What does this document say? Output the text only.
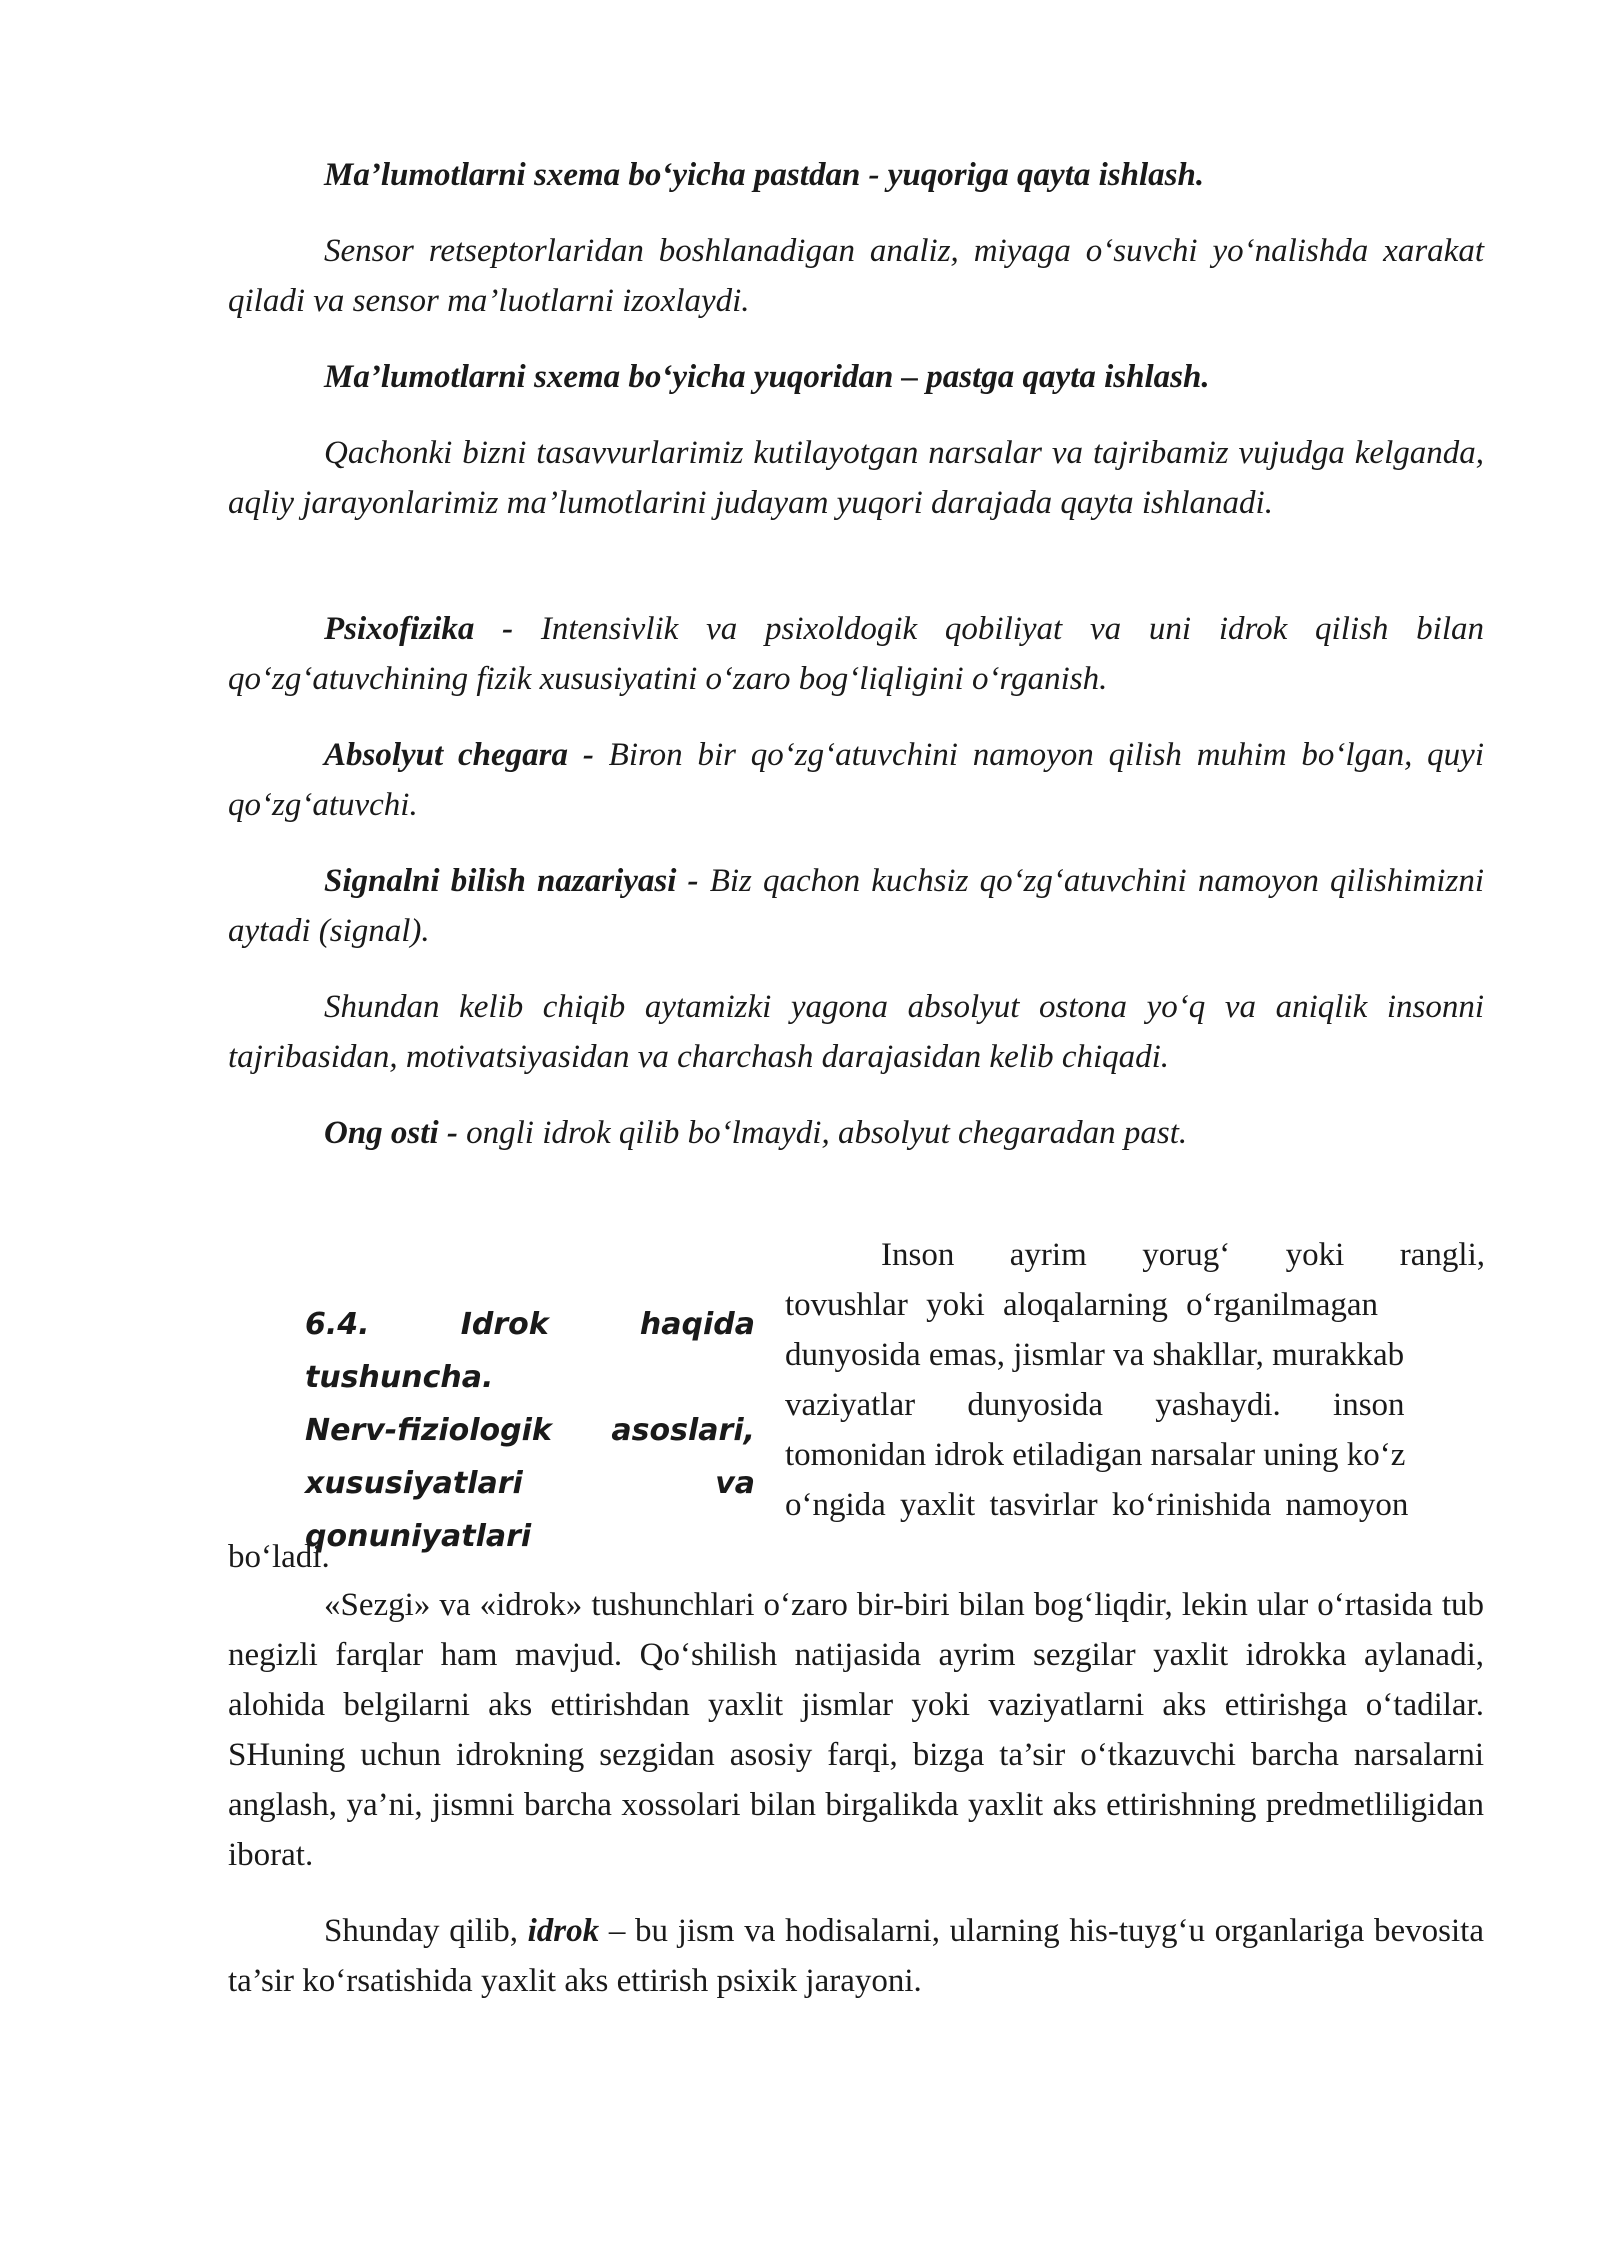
Ma’lumotlarni sxema bo‘yicha pastdan - yuqoriga qayta ishlash.

Sensor retseptorlaridan boshlanadigan analiz, miyaga o‘suvchi yo‘nalishda xarakat qiladi va sensor ma’luotlarni izoxlaydi.

Ma’lumotlarni sxema bo‘yicha yuqoridan – pastga qayta ishlash.

Qachonki bizni tasavvurlarimiz kutilayotgan narsalar va tajribamiz vujudga kelganda, aqliy jarayonlarimiz ma’lumotlarini judayam yuqori darajada qayta ishlanadi.

Psixofizika - Intensivlik va psixoldogik qobiliyat va uni idrok qilish bilan qo‘zg‘atuvchining fizik xususiyatini o‘zaro bog‘liqligini o‘rganish.

Absolyut chegara - Biron bir qo‘zg‘atuvchini namoyon qilish muhim bo‘lgan, quyi qo‘zg‘atuvchi.

Signalni bilish nazariyasi - Biz qachon kuchsiz qo‘zg‘atuvchini namoyon qilishimizni aytadi (signal).

Shundan kelib chiqib aytamizki yagona absolyut ostona yo‘q va aniqlik insonni tajribasidan, motivatsiyasidan va charchash darajasidan kelib chiqadi.

Ong osti - ongli idrok qilib bo‘lmaydi, absolyut chegaradan past.

6.4. Idrok haqida tushuncha.
Nerv-fiziologik asoslari,
xususiyatlari va
qonuniyatlari
Inson ayrim yorug‘ yoki rangli,
tovushlar yoki aloqalarning o‘rganilmagan
dunyosida emas, jismlar va shakllar, murakkab
vaziyatlar dunyosida yashaydi. inson
tomonidan idrok etiladigan narsalar uning ko‘z
o‘ngida yaxlit tasvirlar ko‘rinishida namoyon

bo‘ladi.

«Sezgi» va «idrok» tushunchlari o‘zaro bir-biri bilan bog‘liqdir, lekin ular o‘rtasida tub negizli farqlar ham mavjud. Qo‘shilish natijasida ayrim sezgilar yaxlit idrokka aylanadi, alohida belgilarni aks ettirishdan yaxlit jismlar yoki vaziyatlarni aks ettirishga o‘tadilar. SHuning uchun idrokning sezgidan asosiy farqi, bizga ta’sir o‘tkazuvchi barcha narsalarni anglash, ya’ni, jismni barcha xossolari bilan birgalikda yaxlit aks ettirishning predmetliligidan iborat.

Shunday qilib, idrok – bu jism va hodisalarni, ularning his-tuyg‘u organlariga bevosita ta’sir ko‘rsatishida yaxlit aks ettirish psixik jarayoni.
